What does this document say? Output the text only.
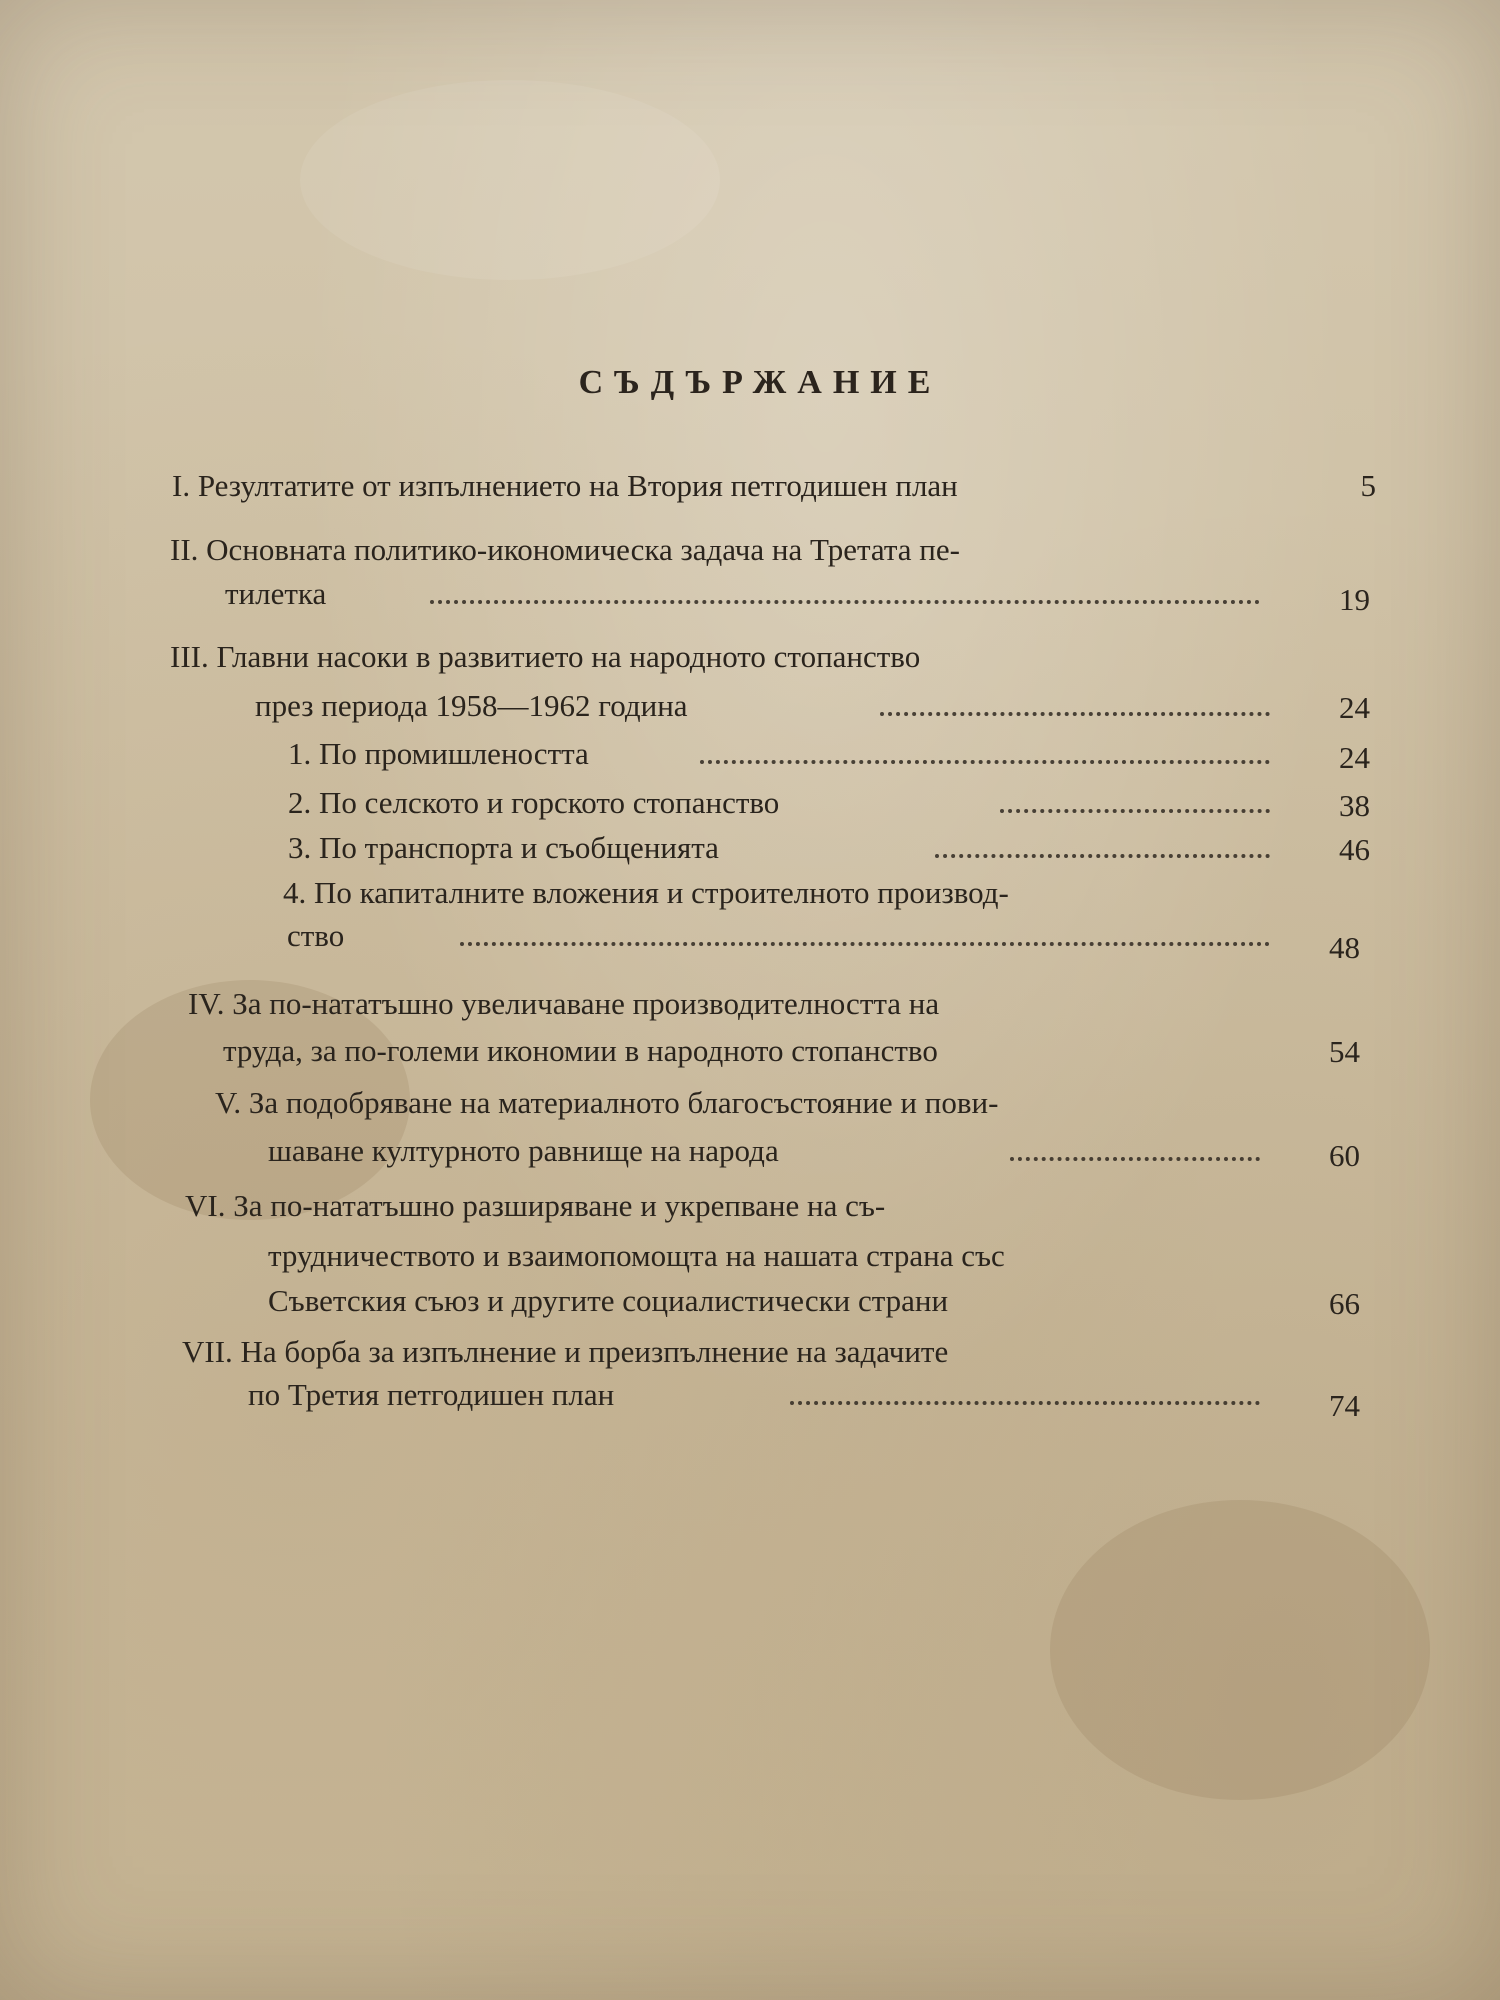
СЪДЪРЖАНИЕ
I. Резултатите от изпълнението на Втория петгодишен план	5
II. Основната политико-икономическа задача на Третата пе-
тилетка	19
III. Главни насоки в развитието на народното стопанство
през периода 1958—1962 година	24
1. По промишлеността	24
2. По селското и горското стопанство	38
3. По транспорта и съобщенията	46
4. По капиталните вложения и строителното производ-
ство	48
IV. За по-нататъшно увеличаване производителността на
труда, за по-големи икономии в народното стопанство	54
V. За подобряване на материалното благосъстояние и пови-
шаване културното равнище на народа	60
VI. За по-нататъшно разширяване и укрепване на съ-
трудничеството и взаимопомощта на нашата страна със
Съветския съюз и другите социалистически страни	66
VII. На борба за изпълнение и преизпълнение на задачите
по Третия петгодишен план	74
